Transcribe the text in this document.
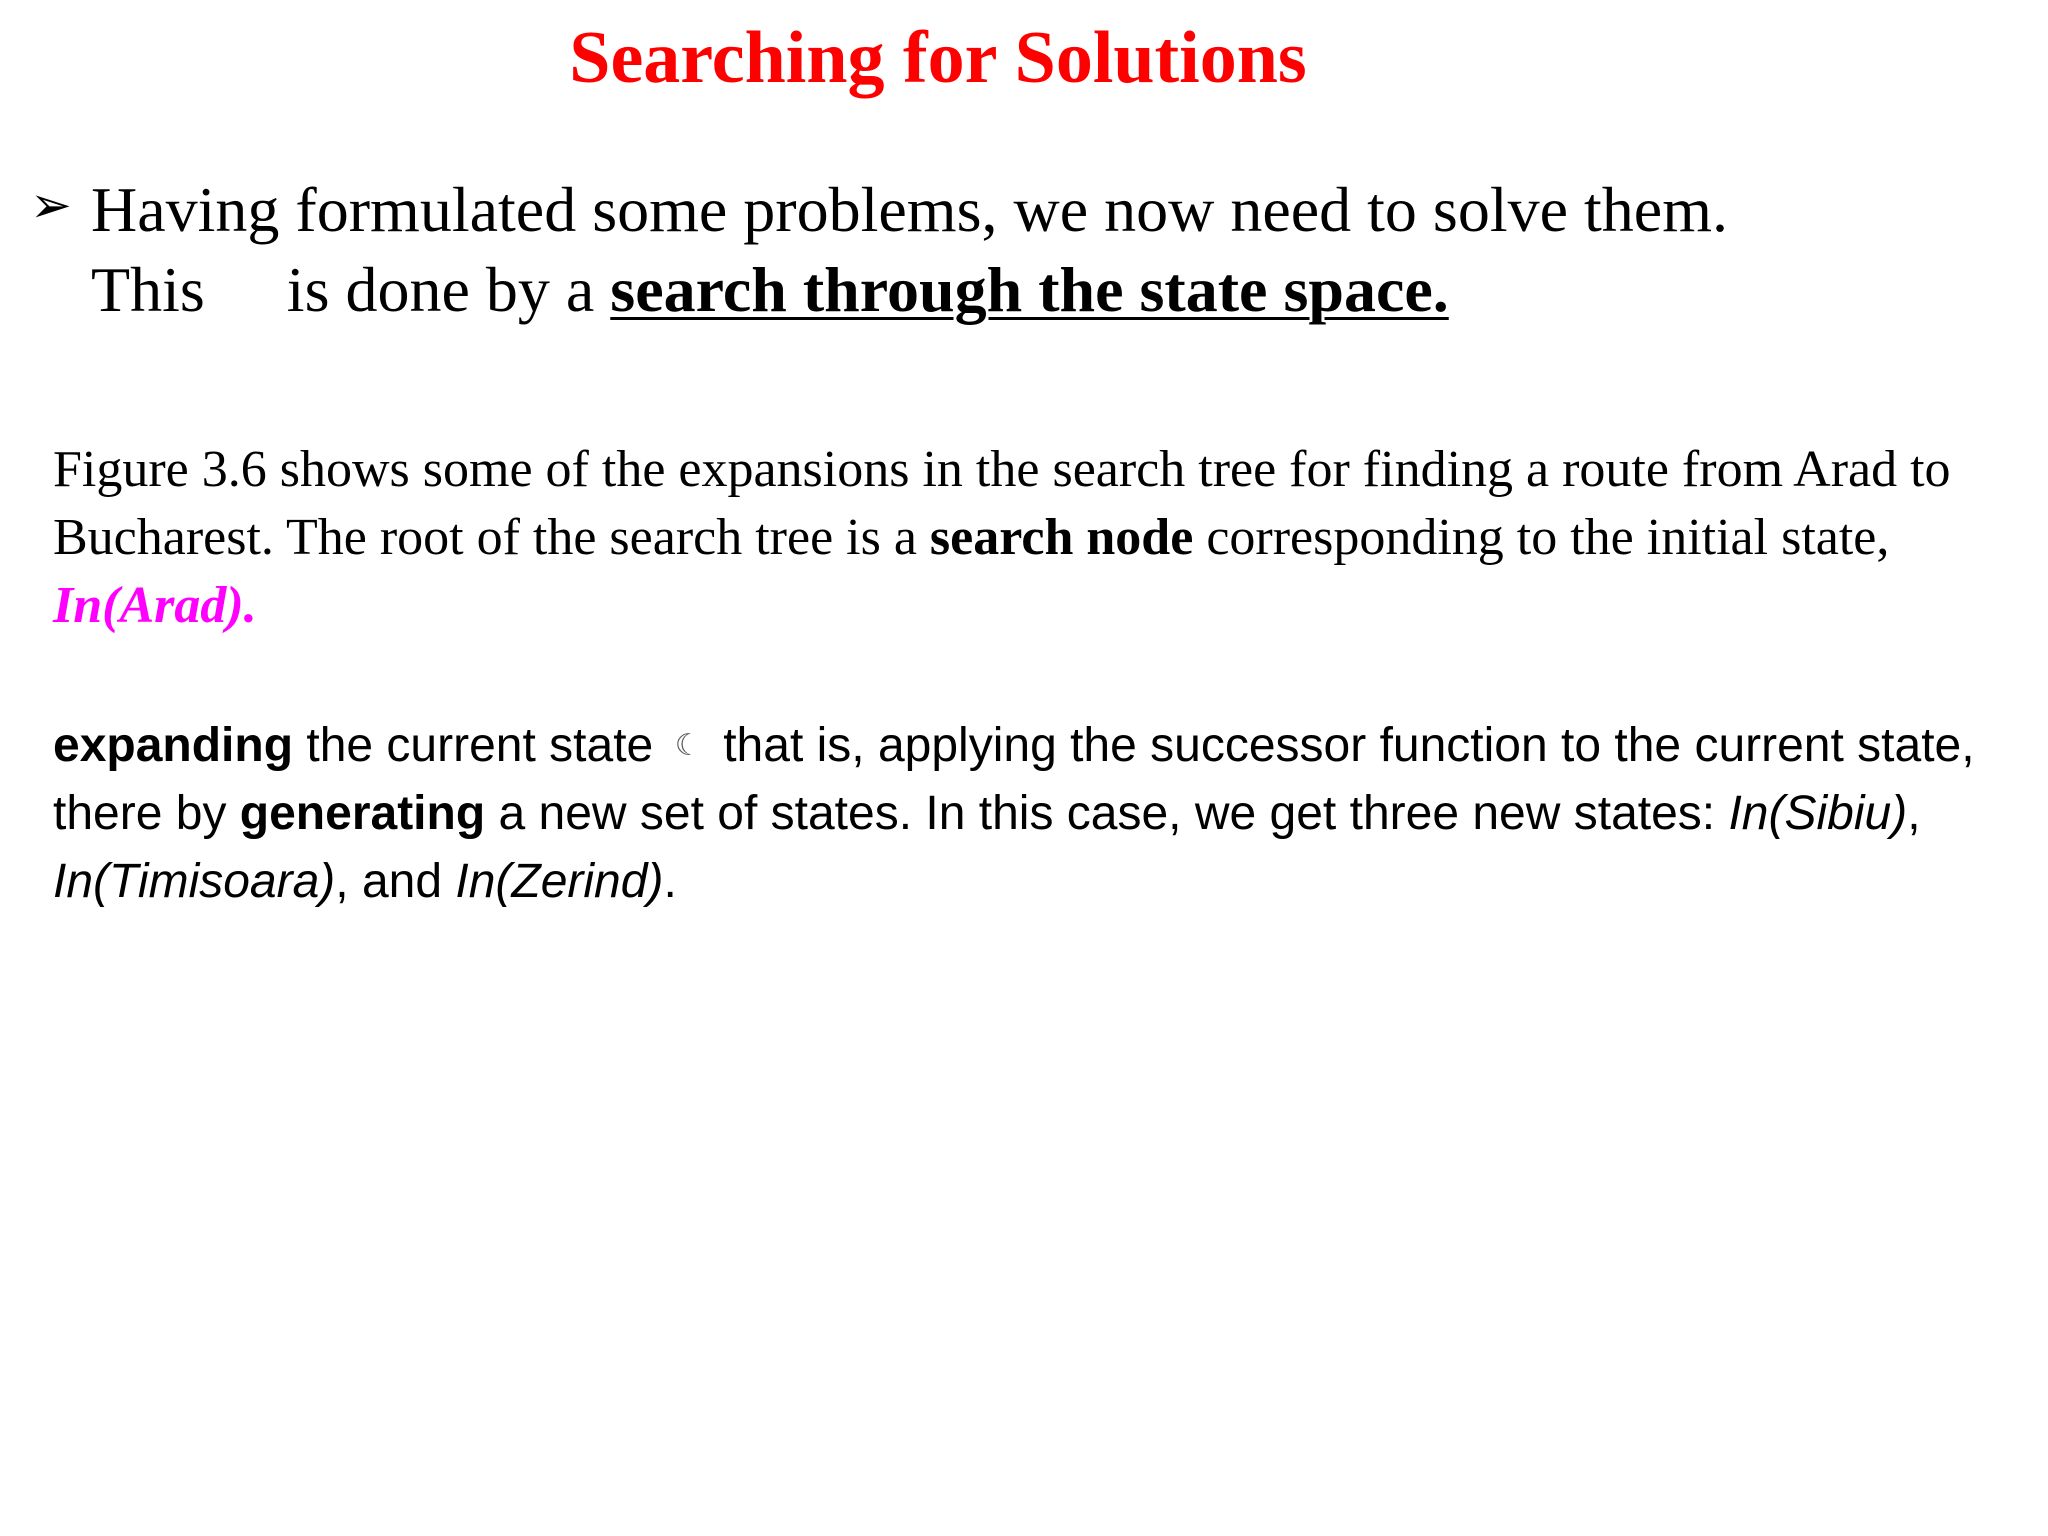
Searching for Solutions
➢ Having formulated some problems, we now need to solve them.
This is done by a search through the state space.

Figure 3.6 shows some of the expansions in the search tree for finding a route from Arad to Bucharest. The root of the search tree is a search node corresponding to the initial state, In(Arad).

expanding the current state ☾ that is, applying the successor function to the current state, there by generating a new set of states. In this case, we get three new states: In(Sibiu), In(Timisoara), and In(Zerind).
